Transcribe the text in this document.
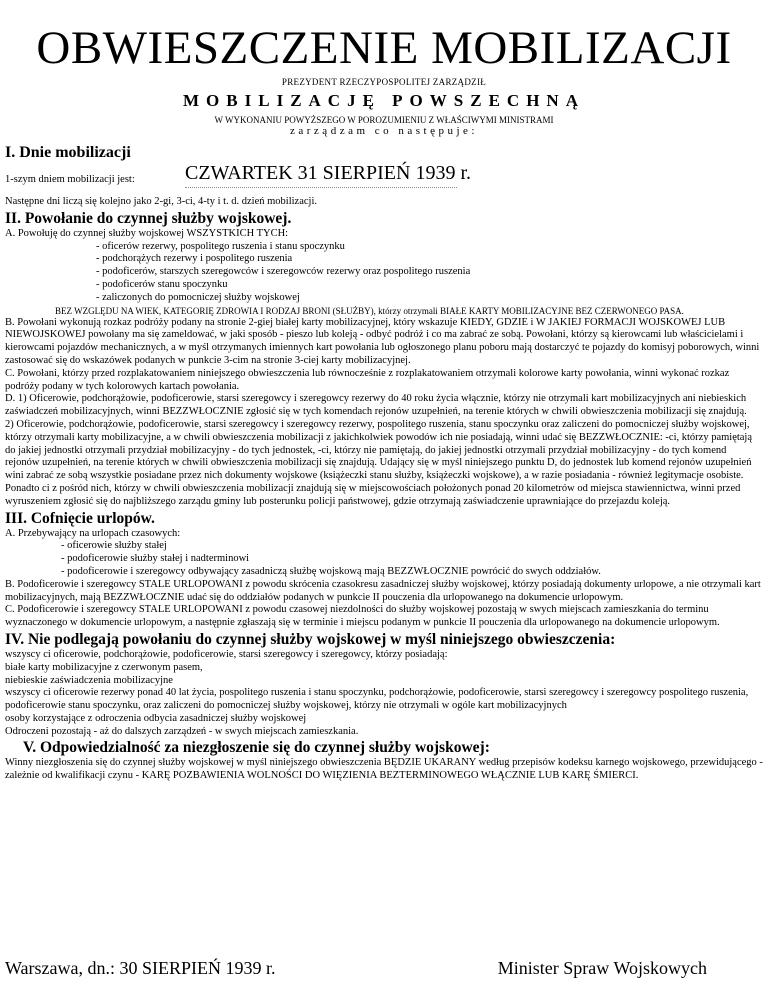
OBWIESZCZENIE MOBILIZACJI
PREZYDENT RZECZYPOSPOLITEJ ZARZĄDZIŁ
MOBILIZACJĘ POWSZECHNĄ
W WYKONANIU POWYŻSZEGO W POROZUMIENIU Z WŁAŚCIWYMI MINISTRAMI
zarządzam co następuje:
I. Dnie mobilizacji
1-szym dniem mobilizacji jest:	CZWARTEK 31 SIERPIEŃ 1939 r.
Następne dni liczą się kolejno jako 2-gi, 3-ci, 4-ty i t. d. dzień mobilizacji.
II. Powołanie do czynnej służby wojskowej.
A. Powołuję do czynnej służby wojskowej WSZYSTKICH TYCH:
- oficerów rezerwy, pospolitego ruszenia i stanu spoczynku
- podchorążych rezerwy i pospolitego ruszenia
- podoficerów, starszych szeregowców i szeregowców rezerwy oraz pospolitego ruszenia
- podoficerów stanu spoczynku
- zaliczonych do pomocniczej służby wojskowej
BEZ WZGLĘDU NA WIEK, KATEGORIĘ ZDROWIA I RODZAJ BRONI (SŁUŻBY), którzy otrzymali BIAŁE KARTY MOBILIZACYJNE BEZ CZERWONEGO PASA.
B. Powołani wykonują rozkaz podróży podany na stronie 2-giej białej karty mobilizacyjnej, który wskazuje KIEDY, GDZIE i W JAKIEJ FORMACJI WOJSKOWEJ LUB NIEWOJSKOWEJ powołany ma się zameldować, w jaki sposób - pieszo lub koleją - odbyć podróż i co ma zabrać ze sobą. Powołani, którzy są kierowcami lub właścicielami i kierowcami pojazdów mechanicznych, a w myśl otrzymanych imiennych kart powołania lub ogłoszonego planu poboru mają dostarczyć te pojazdy do komisyj poborowych, winni zastosować się do wskazówek podanych w punkcie 3-cim na stronie 3-ciej karty mobilizacyjnej.
C. Powołani, którzy przed rozplakatowaniem niniejszego obwieszczenia lub równocześnie z rozplakatowaniem otrzymali kolorowe karty powołania, winni wykonać rozkaz podróży podany w tych kolorowych kartach powołania.
D. 1) Oficerowie, podchorążowie, podoficerowie, starsi szeregowcy i szeregowcy rezerwy do 40 roku życia włącznie, którzy nie otrzymali kart mobilizacyjnych ani niebieskich zaświadczeń mobilizacyjnych, winni BEZZWŁOCZNIE zgłosić się w tych komendach rejonów uzupełnień, na terenie których w chwili obwieszczenia mobilizacji się znajdują.
2) Oficerowie, podchorążowie, podoficerowie, starsi szeregowcy i szeregowcy rezerwy, pospolitego ruszenia, stanu spoczynku oraz zaliczeni do pomocniczej służby wojskowej, którzy otrzymali karty mobilizacyjne, a w chwili obwieszczenia mobilizacji z jakichkolwiek powodów ich nie posiadają, winni udać się BEZZWŁOCZNIE: -ci, którzy pamiętają do jakiej jednostki otrzymali przydział mobilizacyjny - do tych jednostek, -ci, którzy nie pamiętają, do jakiej jednostki otrzymali przydział mobilizacyjny - do tych komend rejonów uzupełnień, na terenie których w chwili obwieszczenia mobilizacji się znajdują. Udający się w myśl niniejszego punktu D, do jednostek lub komend rejonów uzupełnień wini zabrać ze sobą wszystkie posiadane przez nich dokumenty wojskowe (książeczki stanu służby, książeczki wojskowe), a w razie posiadania - również legitymacje osobiste. Ponadto ci z pośród nich, którzy w chwili obwieszczenia mobilizacji znajdują się w miejscowościach położonych ponad 20 kilometrów od miejsca stawiennictwa, winni przed wyruszeniem zgłosić się do najbliższego zarządu gminy lub posterunku policji państwowej, gdzie otrzymają zaświadczenie uprawniające do przejazdu koleją.
III. Cofnięcie urlopów.
A. Przebywający na urlopach czasowych:
- oficerowie służby stałej
- podoficerowie służby stałej i nadterminowi
- podoficerowie i szeregowcy odbywający zasadniczą służbę wojskową mają BEZZWŁOCZNIE powrócić do swych oddziałów.
B. Podoficerowie i szeregowcy STALE URLOPOWANI z powodu skrócenia czasokresu zasadniczej służby wojskowej, którzy posiadają dokumenty urlopowe, a nie otrzymali kart mobilizacyjnych, mają BEZZWŁOCZNIE udać się do oddziałów podanych w punkcie II pouczenia dla urlopowanego na dokumencie urlopowym.
C. Podoficerowie i szeregowcy STALE URLOPOWANI z powodu czasowej niezdolności do służby wojskowej pozostają w swych miejscach zamieszkania do terminu wyznaczonego w dokumencie urlopowym, a następnie zgłaszają się w terminie i miejscu podanym w punkcie II pouczenia dla urlopowanego na dokumencie urlopowym.
IV. Nie podlegają powołaniu do czynnej służby wojskowej w myśl niniejszego obwieszczenia:
wszyscy ci oficerowie, podchorążowie, podoficerowie, starsi szeregowcy i szeregowcy, którzy posiadają:
białe karty mobilizacyjne z czerwonym pasem,
niebieskie zaświadczenia mobilizacyjne
wszyscy ci oficerowie rezerwy ponad 40 lat życia, pospolitego ruszenia i stanu spoczynku, podchorążowie, podoficerowie, starsi szeregowcy i szeregowcy pospolitego ruszenia, podoficerowie stanu spoczynku, oraz zaliczeni do pomocniczej służby wojskowej, którzy nie otrzymali w ogóle kart mobilizacyjnych
osoby korzystające z odroczenia odbycia zasadniczej służby wojskowej
Odroczeni pozostają - aż do dalszych zarządzeń - w swych miejscach zamieszkania.
V. Odpowiedzialność za niezgłoszenie się do czynnej służby wojskowej:
Winny niezgłoszenia się do czynnej służby wojskowej w myśl niniejszego obwieszczenia BĘDZIE UKARANY według przepisów kodeksu karnego wojskowego, przewidującego - zależnie od kwalifikacji czynu - KARĘ POZBAWIENIA WOLNOŚCI DO WIĘZIENIA BEZTERMINOWEGO WŁĄCZNIE LUB KARĘ ŚMIERCI.
Warszawa, dn.: 30 SIERPIEŃ 1939 r.	Minister Spraw Wojskowych
